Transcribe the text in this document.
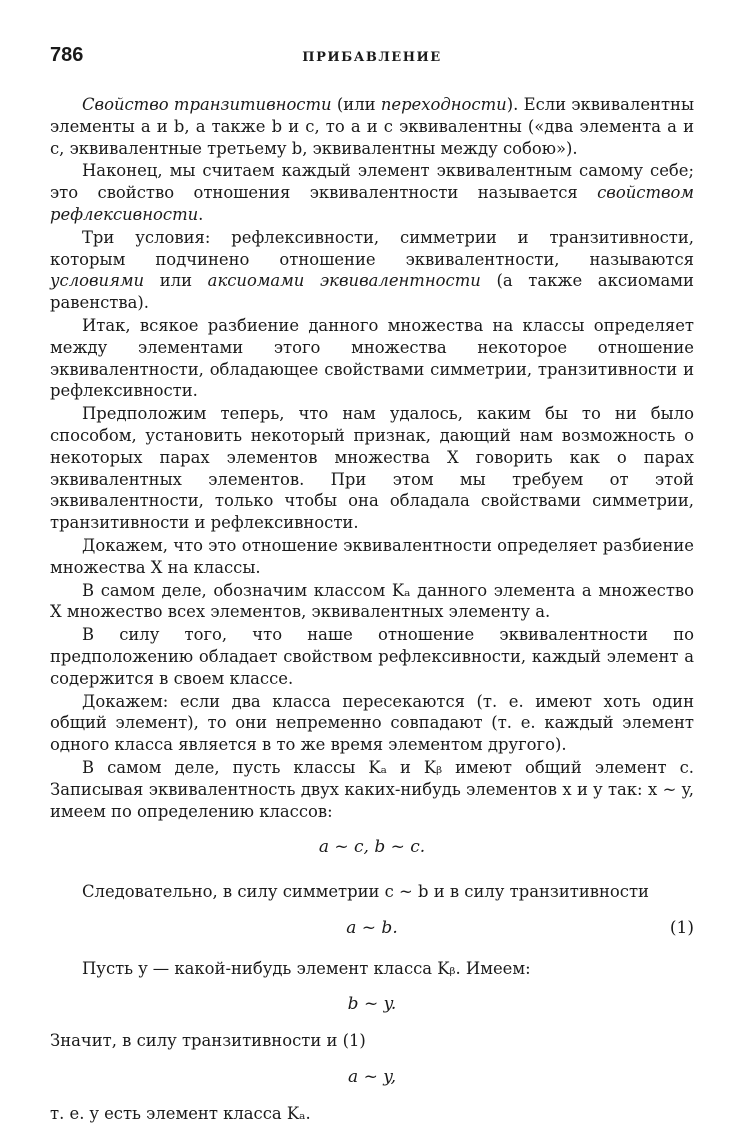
786	ПРИБАВЛЕНИЕ

Свойство транзитивности (или переходности). Если эквивалентны элементы a и b, а также b и c, то a и c эквивалентны («два элемента a и c, эквивалентные третьему b, эквивалентны между собою»).

Наконец, мы считаем каждый элемент эквивалентным самому себе; это свойство отношения эквивалентности называется свойством рефлексивности.

Три условия: рефлексивности, симметрии и транзитивности, которым подчинено отношение эквивалентности, называются условиями или аксиомами эквивалентности (а также аксиомами равенства).

Итак, всякое разбиение данного множества на классы определяет между элементами этого множества некоторое отношение эквивалентности, обладающее свойствами симметрии, транзитивности и рефлексивности.

Предположим теперь, что нам удалось, каким бы то ни было способом, установить некоторый признак, дающий нам возможность о некоторых парах элементов множества X говорить как о парах эквивалентных элементов. При этом мы требуем от этой эквивалентности, только чтобы она обладала свойствами симметрии, транзитивности и рефлексивности.

Докажем, что это отношение эквивалентности определяет разбиение множества X на классы.

В самом деле, обозначим классом Kₐ данного элемента a множество X множество всех элементов, эквивалентных элементу a.

В силу того, что наше отношение эквивалентности по предположению обладает свойством рефлексивности, каждый элемент a содержится в своем классе.

Докажем: если два класса пересекаются (т. е. имеют хоть один общий элемент), то они непременно совпадают (т. е. каждый элемент одного класса является в то же время элементом другого).

В самом деле, пусть классы Kₐ и Kᵦ имеют общий элемент c. Записывая эквивалентность двух каких-нибудь элементов x и y так: x ~ y, имеем по определению классов:

a ~ c, b ~ c.

Следовательно, в силу симметрии c ~ b и в силу транзитивности

a ~ b.	(1)

Пусть y — какой-нибудь элемент класса Kᵦ. Имеем:

b ~ y.

Значит, в силу транзитивности и (1)

a ~ y,

т. е. y есть элемент класса Kₐ.
